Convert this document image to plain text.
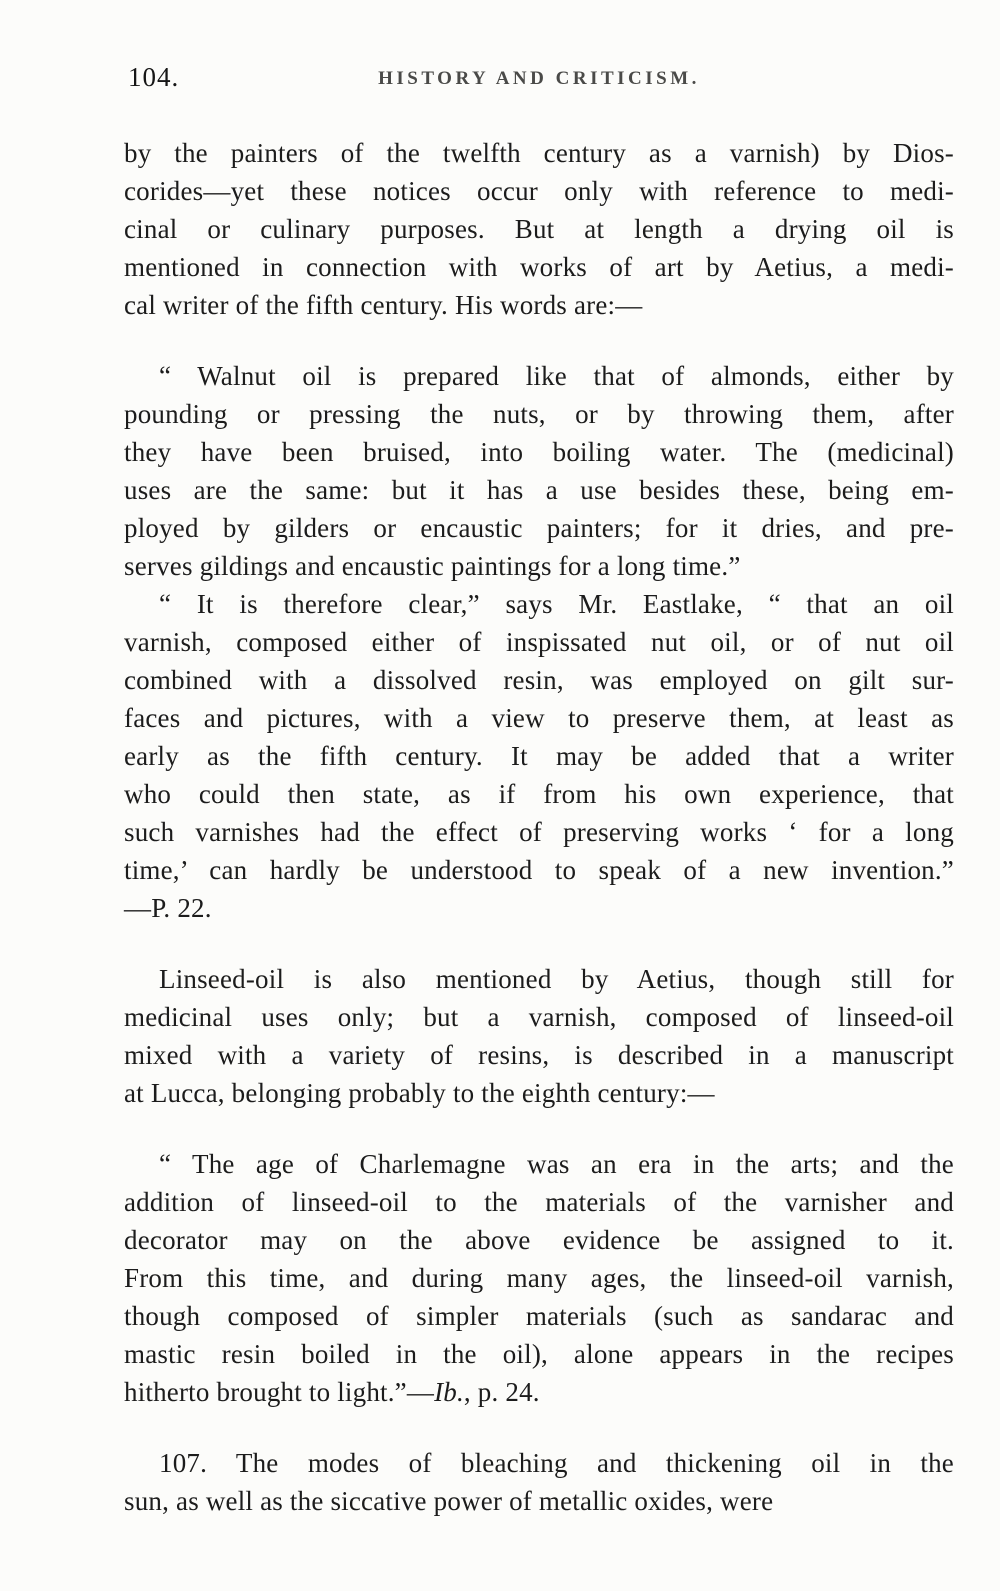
104.	HISTORY AND CRITICISM.
by the painters of the twelfth century as a varnish) by Dios-
corides—yet these notices occur only with reference to medi-
cinal or culinary purposes. But at length a drying oil is
mentioned in connection with works of art by Aetius, a medi-
cal writer of the fifth century. His words are:—
“ Walnut oil is prepared like that of almonds, either by
pounding or pressing the nuts, or by throwing them, after
they have been bruised, into boiling water. The (medicinal)
uses are the same: but it has a use besides these, being em-
ployed by gilders or encaustic painters; for it dries, and pre-
serves gildings and encaustic paintings for a long time.”
“ It is therefore clear,” says Mr. Eastlake, “ that an oil
varnish, composed either of inspissated nut oil, or of nut oil
combined with a dissolved resin, was employed on gilt sur-
faces and pictures, with a view to preserve them, at least as
early as the fifth century. It may be added that a writer
who could then state, as if from his own experience, that
such varnishes had the effect of preserving works ‘ for a long
time,’ can hardly be understood to speak of a new invention.”
—P. 22.
Linseed-oil is also mentioned by Aetius, though still for
medicinal uses only; but a varnish, composed of linseed-oil
mixed with a variety of resins, is described in a manuscript
at Lucca, belonging probably to the eighth century:—
“ The age of Charlemagne was an era in the arts; and the
addition of linseed-oil to the materials of the varnisher and
decorator may on the above evidence be assigned to it.
From this time, and during many ages, the linseed-oil varnish,
though composed of simpler materials (such as sandarac and
mastic resin boiled in the oil), alone appears in the recipes
hitherto brought to light.”—Ib., p. 24.
107. The modes of bleaching and thickening oil in the
sun, as well as the siccative power of metallic oxides, were
